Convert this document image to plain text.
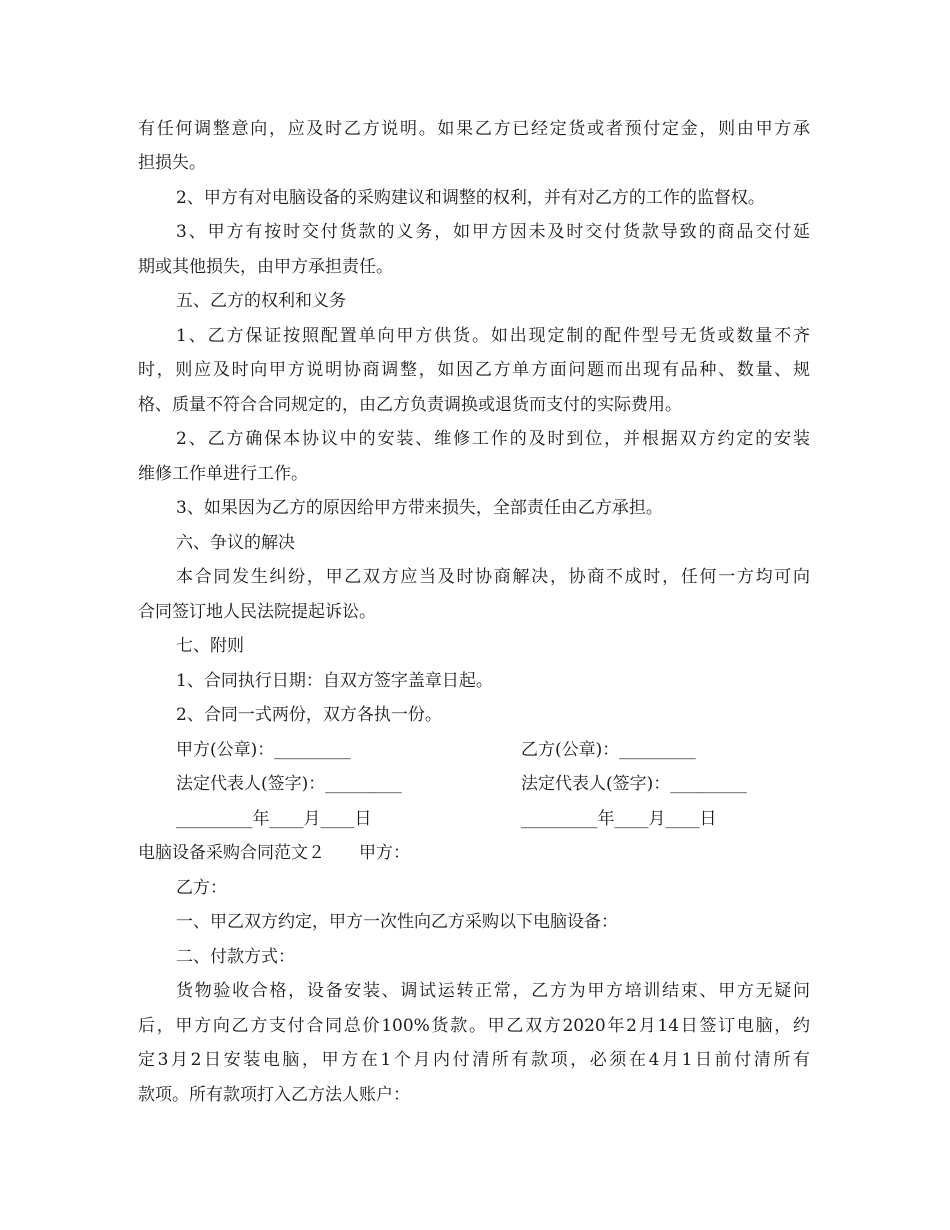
有任何调整意向，应及时乙方说明。如果乙方已经定货或者预付定金，则由甲方承
担损失。
2、甲方有对电脑设备的采购建议和调整的权利，并有对乙方的工作的监督权。
3、甲方有按时交付货款的义务，如甲方因未及时交付货款导致的商品交付延
期或其他损失，由甲方承担责任。
五、乙方的权利和义务
1、乙方保证按照配置单向甲方供货。如出现定制的配件型号无货或数量不齐
时，则应及时向甲方说明协商调整，如因乙方单方面问题而出现有品种、数量、规
格、质量不符合合同规定的，由乙方负责调换或退货而支付的实际费用。
2、乙方确保本协议中的安装、维修工作的及时到位，并根据双方约定的安装
维修工作单进行工作。
3、如果因为乙方的原因给甲方带来损失，全部责任由乙方承担。
六、争议的解决
本合同发生纠纷，甲乙双方应当及时协商解决，协商不成时，任何一方均可向
合同签订地人民法院提起诉讼。
七、附则
1、合同执行日期：自双方签字盖章日起。
2、合同一式两份，双方各执一份。
甲方(公章)：_________	乙方(公章)：_________
法定代表人(签字)：_________	法定代表人(签字)：_________
_________年____月____日	_________年____月____日
电脑设备采购合同范文２　　甲方：
乙方：
一、甲乙双方约定，甲方一次性向乙方采购以下电脑设备：
二、付款方式：
货物验收合格，设备安装、调试运转正常，乙方为甲方培训结束、甲方无疑问
后，甲方向乙方支付合同总价100%货款。甲乙双方2020年2月14日签订电脑，约
定3月2日安装电脑，甲方在1个月内付清所有款项，必须在4月1日前付清所有
款项。所有款项打入乙方法人账户：
